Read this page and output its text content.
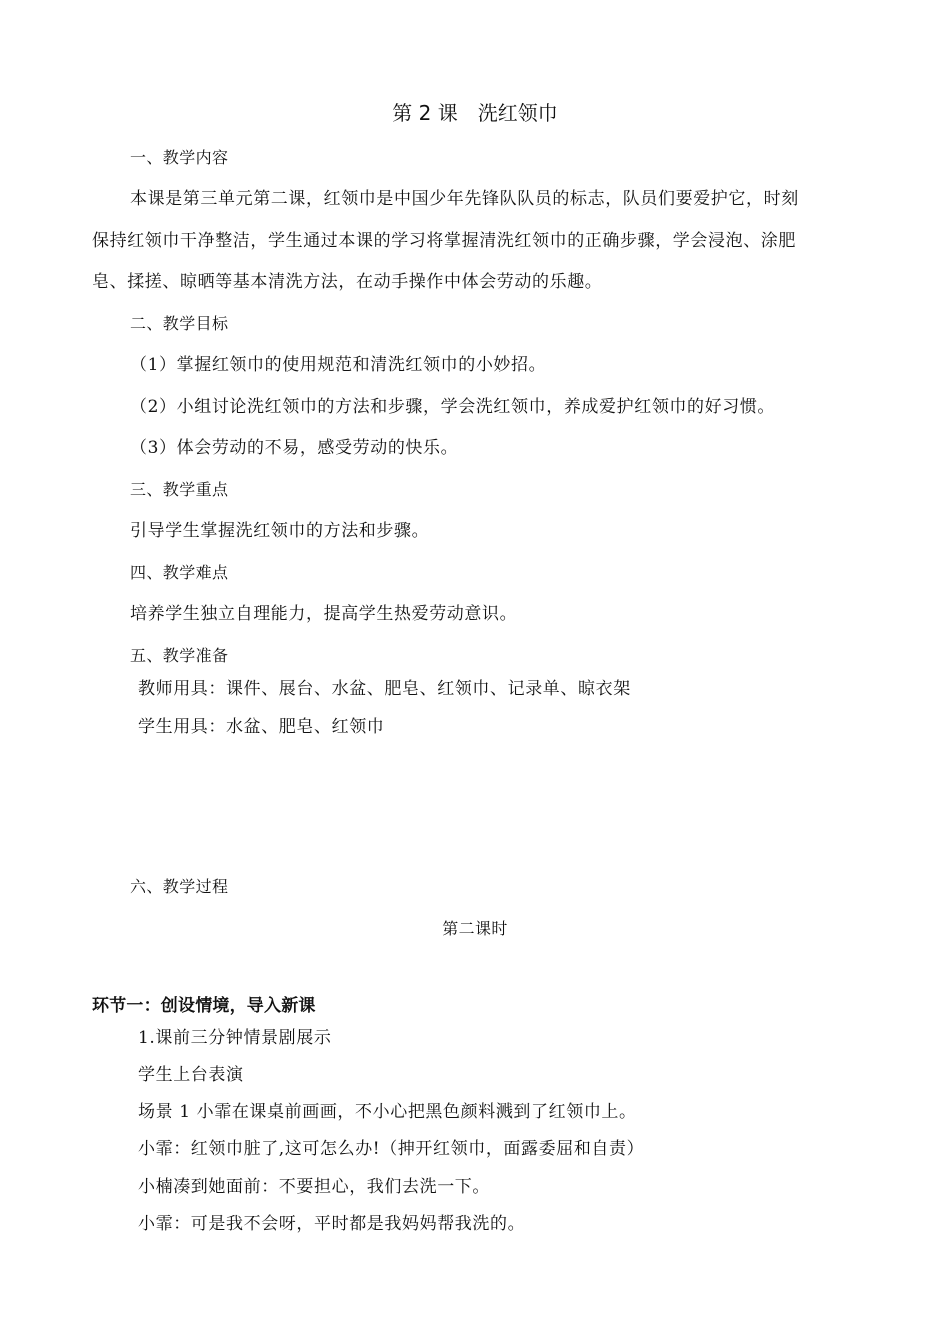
第 2 课 洗红领巾
一、教学内容
本课是第三单元第二课，红领巾是中国少年先锋队队员的标志，队员们要爱护它，时刻
保持红领巾干净整洁，学生通过本课的学习将掌握清洗红领巾的正确步骤，学会浸泡、涂肥
皂、揉搓、晾晒等基本清洗方法，在动手操作中体会劳动的乐趣。
二、教学目标
（1）掌握红领巾的使用规范和清洗红领巾的小妙招。
（2）小组讨论洗红领巾的方法和步骤，学会洗红领巾，养成爱护红领巾的好习惯。
（3）体会劳动的不易，感受劳动的快乐。
三、教学重点
引导学生掌握洗红领巾的方法和步骤。
四、教学难点
培养学生独立自理能力，提高学生热爱劳动意识。
五、教学准备
教师用具：课件、展台、水盆、肥皂、红领巾、记录单、晾衣架
学生用具：水盆、肥皂、红领巾
六、教学过程
第二课时
环节一：创设情境，导入新课
1.课前三分钟情景剧展示
学生上台表演
场景 1 小霏在课桌前画画，不小心把黑色颜料溅到了红领巾上。
小霏：红领巾脏了,这可怎么办!（抻开红领巾，面露委屈和自责）
小楠凑到她面前：不要担心，我们去洗一下。
小霏：可是我不会呀，平时都是我妈妈帮我洗的。
